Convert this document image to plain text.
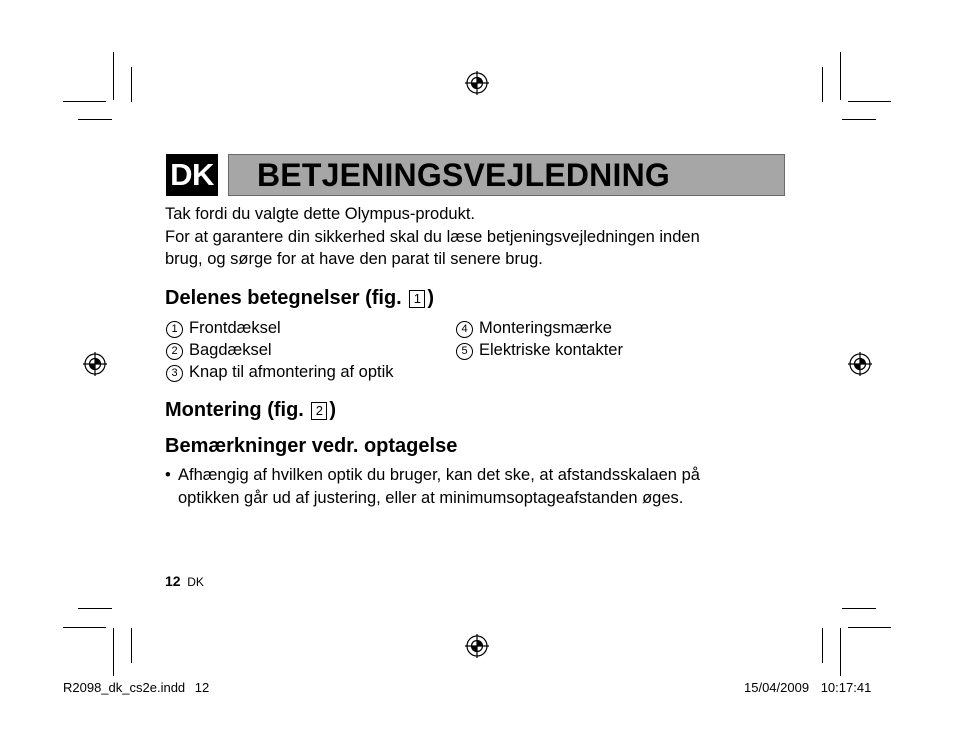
DK BETJENINGSVEJLEDNING
Tak fordi du valgte dette Olympus-produkt.
For at garantere din sikkerhed skal du læse betjeningsvejledningen inden
brug, og sørge for at have den parat til senere brug.
Delenes betegnelser (fig. 1 )
1 Frontdæksel
2 Bagdæksel
3 Knap til afmontering af optik
4 Monteringsmærke
5 Elektriske kontakter
Montering (fig. 2 )
Bemærkninger vedr. optagelse
• Afhængig af hvilken optik du bruger, kan det ske, at afstandsskalaen på
optikken går ud af justering, eller at minimumsoptageafstanden øges.
12 DK
R2098_dk_cs2e.indd 12	15/04/2009 10:17:41
